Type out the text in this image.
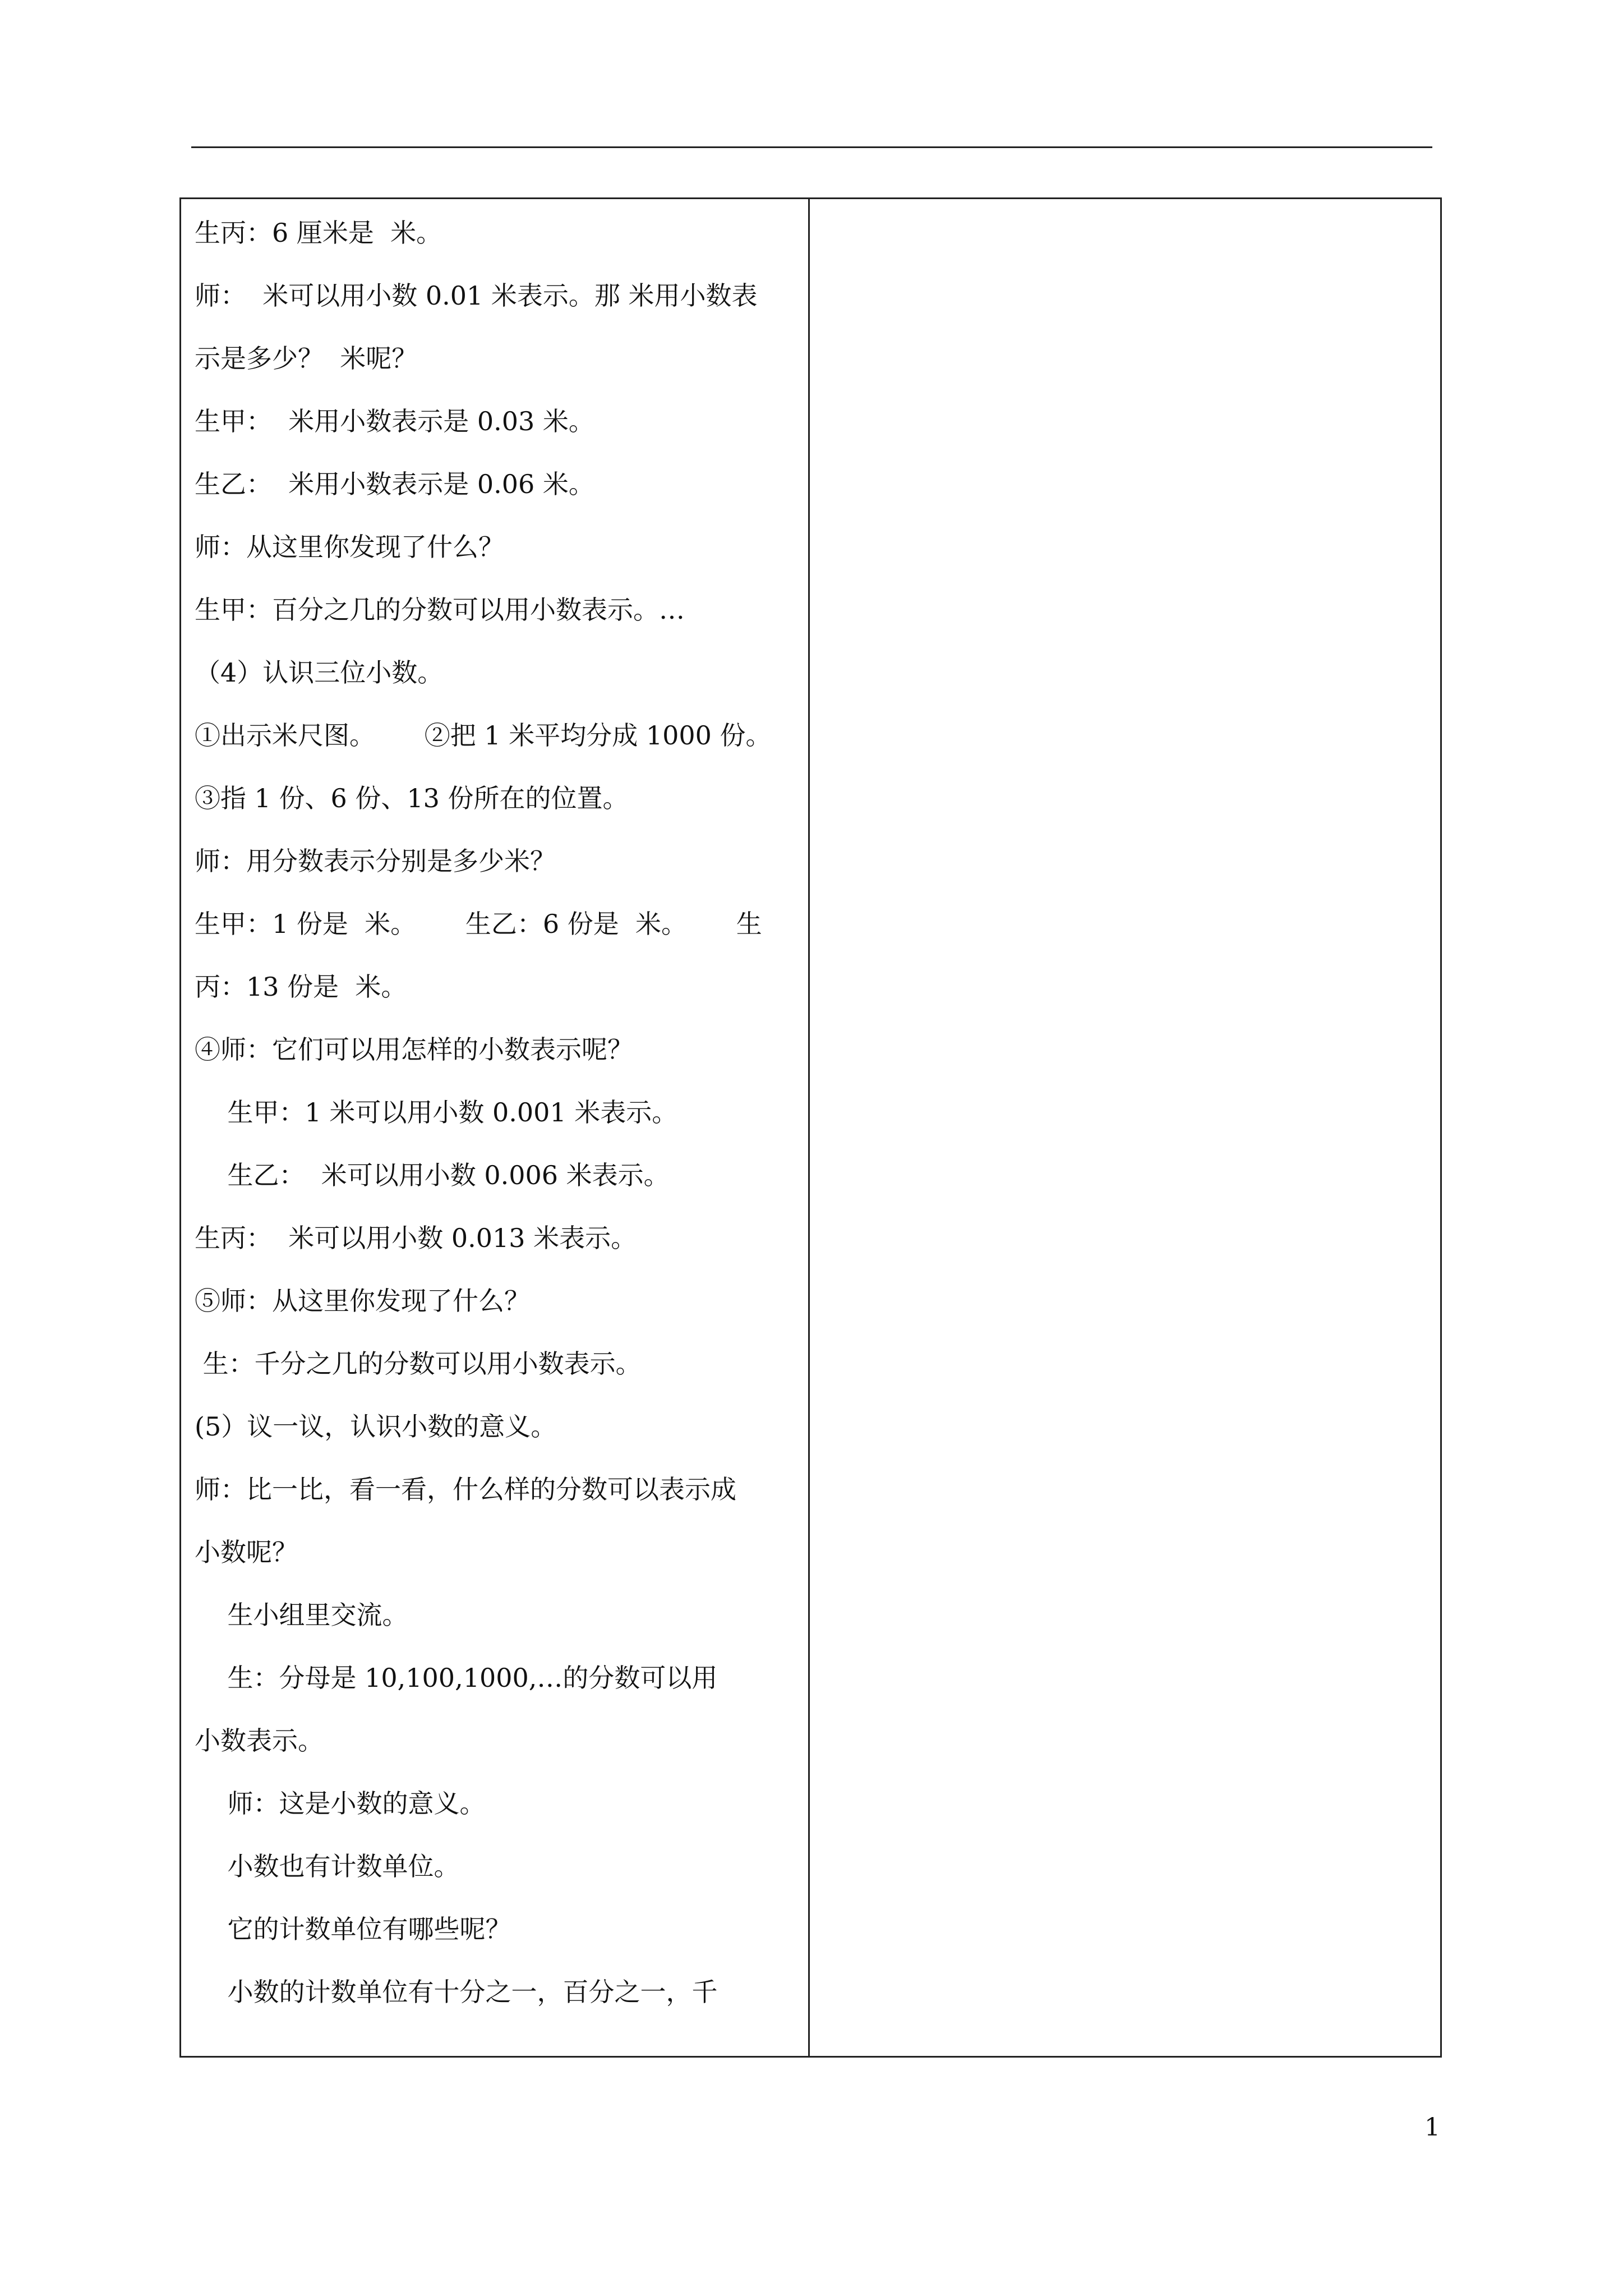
生丙：6 厘米是  米。
师：  米可以用小数 0.01 米表示。那 米用小数表
示是多少？  米呢？
生甲：  米用小数表示是 0.03 米。
生乙：  米用小数表示是 0.06 米。
师：从这里你发现了什么？
生甲：百分之几的分数可以用小数表示。…
（4）认识三位小数。
①出示米尺图。      ②把 1 米平均分成 1000 份。
③指 1 份、6 份、13 份所在的位置。
师：用分数表示分别是多少米？
生甲：1 份是  米。      生乙：6 份是  米。      生
丙：13 份是  米。
④师：它们可以用怎样的小数表示呢？
生甲：1 米可以用小数 0.001 米表示。
生乙：  米可以用小数 0.006 米表示。
生丙：  米可以用小数 0.013 米表示。
⑤师：从这里你发现了什么？
生：千分之几的分数可以用小数表示。
(5）议一议，认识小数的意义。
师：比一比，看一看，什么样的分数可以表示成
小数呢？
生小组里交流。
生：分母是 10,100,1000,…的分数可以用
小数表示。
师：这是小数的意义。
小数也有计数单位。
它的计数单位有哪些呢？
小数的计数单位有十分之一，百分之一，千
1
